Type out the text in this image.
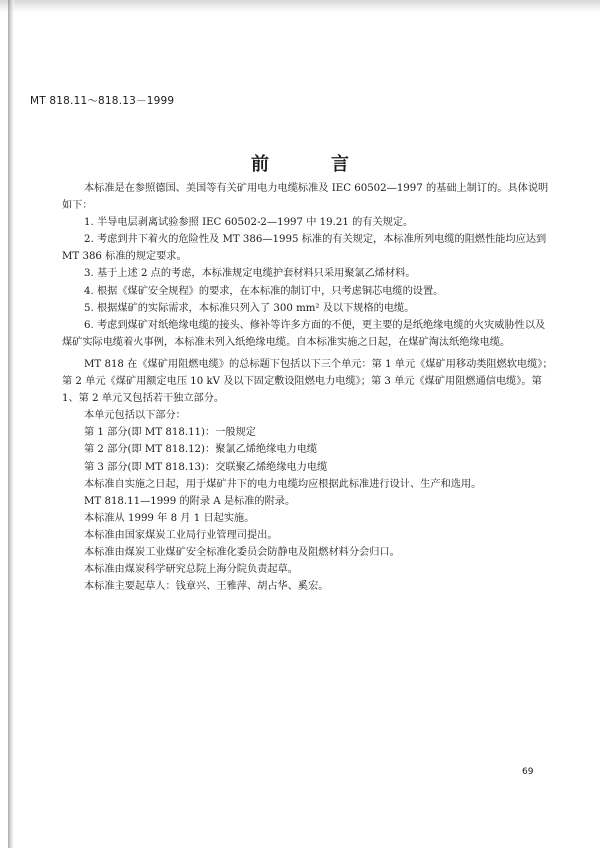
MT 818.11～818.13－1999
前　言

本标准是在参照德国、美国等有关矿用电力电缆标准及 IEC 60502—1997 的基础上制订的。具体说明如下：

1. 半导电层剥离试验参照 IEC 60502-2—1997 中 19.21 的有关规定。

2. 考虑到井下着火的危险性及 MT 386—1995 标准的有关规定，本标准所列电缆的阻燃性能均应达到 MT 386 标准的规定要求。

3. 基于上述 2 点的考虑，本标准规定电缆护套材料只采用聚氯乙烯材料。

4. 根据《煤矿安全规程》的要求，在本标准的制订中，只考虑铜芯电缆的设置。

5. 根据煤矿的实际需求，本标准只列入了 300 mm² 及以下规格的电缆。

6. 考虑到煤矿对纸绝缘电缆的接头、修补等许多方面的不便，更主要的是纸绝缘电缆的火灾威胁性以及煤矿实际电缆着火事例，本标准未列入纸绝缘电缆。自本标准实施之日起，在煤矿淘汰纸绝缘电缆。

MT 818 在《煤矿用阻燃电缆》的总标题下包括以下三个单元：第 1 单元《煤矿用移动类阻燃软电缆》；第 2 单元《煤矿用额定电压 10 kV 及以下固定敷设阻燃电力电缆》；第 3 单元《煤矿用阻燃通信电缆》。第 1、第 2 单元又包括若干独立部分。

本单元包括以下部分：

第 1 部分(即 MT 818.11)：一般规定

第 2 部分(即 MT 818.12)：聚氯乙烯绝缘电力电缆

第 3 部分(即 MT 818.13)：交联聚乙烯绝缘电力电缆

本标准自实施之日起，用于煤矿井下的电力电缆均应根据此标准进行设计、生产和选用。

MT 818.11—1999 的附录 A 是标准的附录。

本标准从 1999 年 8 月 1 日起实施。

本标准由国家煤炭工业局行业管理司提出。

本标准由煤炭工业煤矿安全标准化委员会防静电及阻燃材料分会归口。

本标准由煤炭科学研究总院上海分院负责起草。

本标准主要起草人：钱章兴、王雅萍、胡占华、奚宏。

69
